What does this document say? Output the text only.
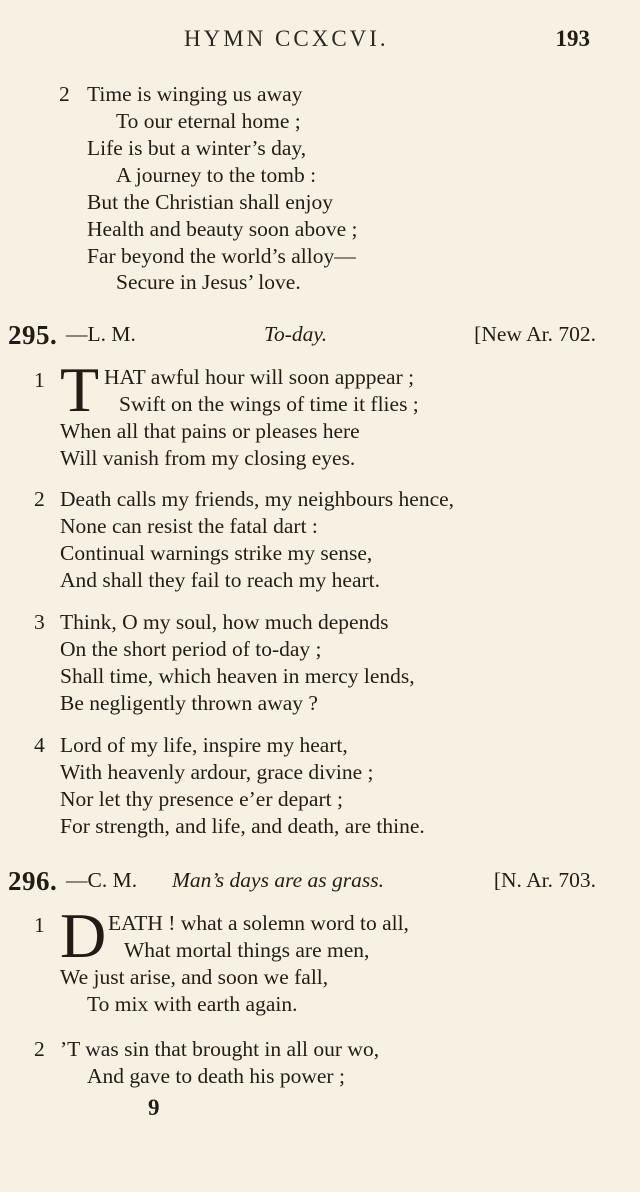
HYMN CCXCVI.	193
2 Time is winging us away
To our eternal home ;
Life is but a winter’s day,
A journey to the tomb :
But the Christian shall enjoy
Health and beauty soon above ;
Far beyond the world’s alloy—
Secure in Jesus’ love.
295. —L. M.	To-day.	[New Ar. 702.
1 T HAT awful hour will soon apppear ;
Swift on the wings of time it flies ;
When all that pains or pleases here
Will vanish from my closing eyes.
2 Death calls my friends, my neighbours hence,
None can resist the fatal dart :
Continual warnings strike my sense,
And shall they fail to reach my heart.
3 Think, O my soul, how much depends
On the short period of to-day ;
Shall time, which heaven in mercy lends,
Be negligently thrown away ?
4 Lord of my life, inspire my heart,
With heavenly ardour, grace divine ;
Nor let thy presence e’er depart ;
For strength, and life, and death, are thine.
296. —C. M. Man’s days are as grass.	[N. Ar. 703.
1 D EATH ! what a solemn word to all,
What mortal things are men,
We just arise, and soon we fall,
To mix with earth again.
2 ’T was sin that brought in all our wo,
And gave to death his power ;
9
